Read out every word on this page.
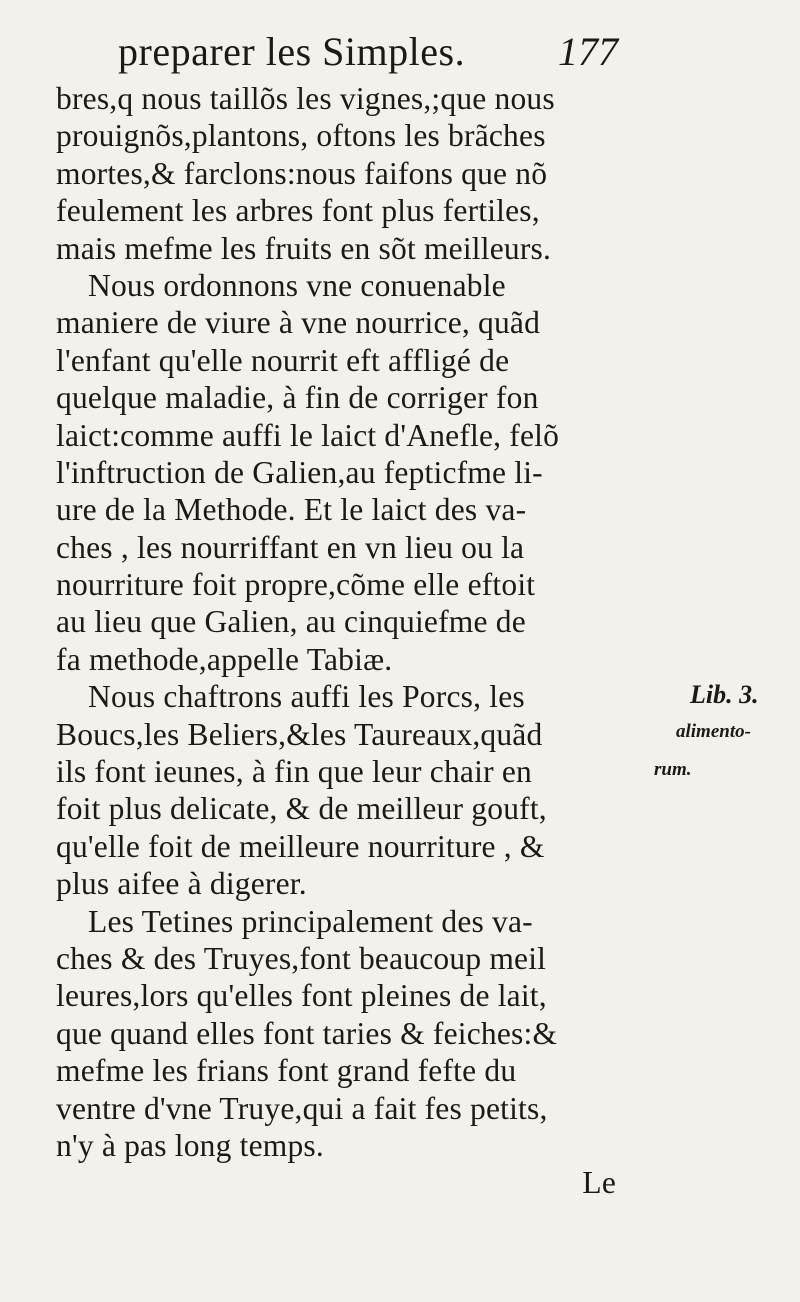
preparer les Simples. 177
bres,q nous taillõs les vignes,;que nous
prouignõs,plantons, oftons les brãches
mortes,& farclons:nous faifons que nõ
feulement les arbres font plus fertiles,
mais mefme les fruits en sõt meilleurs.
Nous ordonnons vne conuenable
maniere de viure à vne nourrice, quãd
l'enfant qu'elle nourrit eft affligé de
quelque maladie, à fin de corriger fon
laict:comme auffi le laict d'Anefle, felõ
l'inftruction de Galien,au fepticfme li-
ure de la Methode. Et le laict des va-
ches , les nourriffant en vn lieu ou la
nourriture foit propre,cõme elle eftoit
au lieu que Galien, au cinquiefme de
fa methode,appelle Tabiæ.
Nous chaftrons auffi les Porcs, les
Boucs,les Beliers,&les Taureaux,quãd
ils font ieunes, à fin que leur chair en
foit plus delicate, & de meilleur gouft,
qu'elle foit de meilleure nourriture , &
plus aifee à digerer.
Les Tetines principalement des va-
ches & des Truyes,font beaucoup meil
leures,lors qu'elles font pleines de lait,
que quand elles font taries & feiches:&
mefme les frians font grand fefte du
ventre d'vne Truye,qui a fait fes petits,
n'y à pas long temps.
Le
Lib. 3.
alimento-
rum.
